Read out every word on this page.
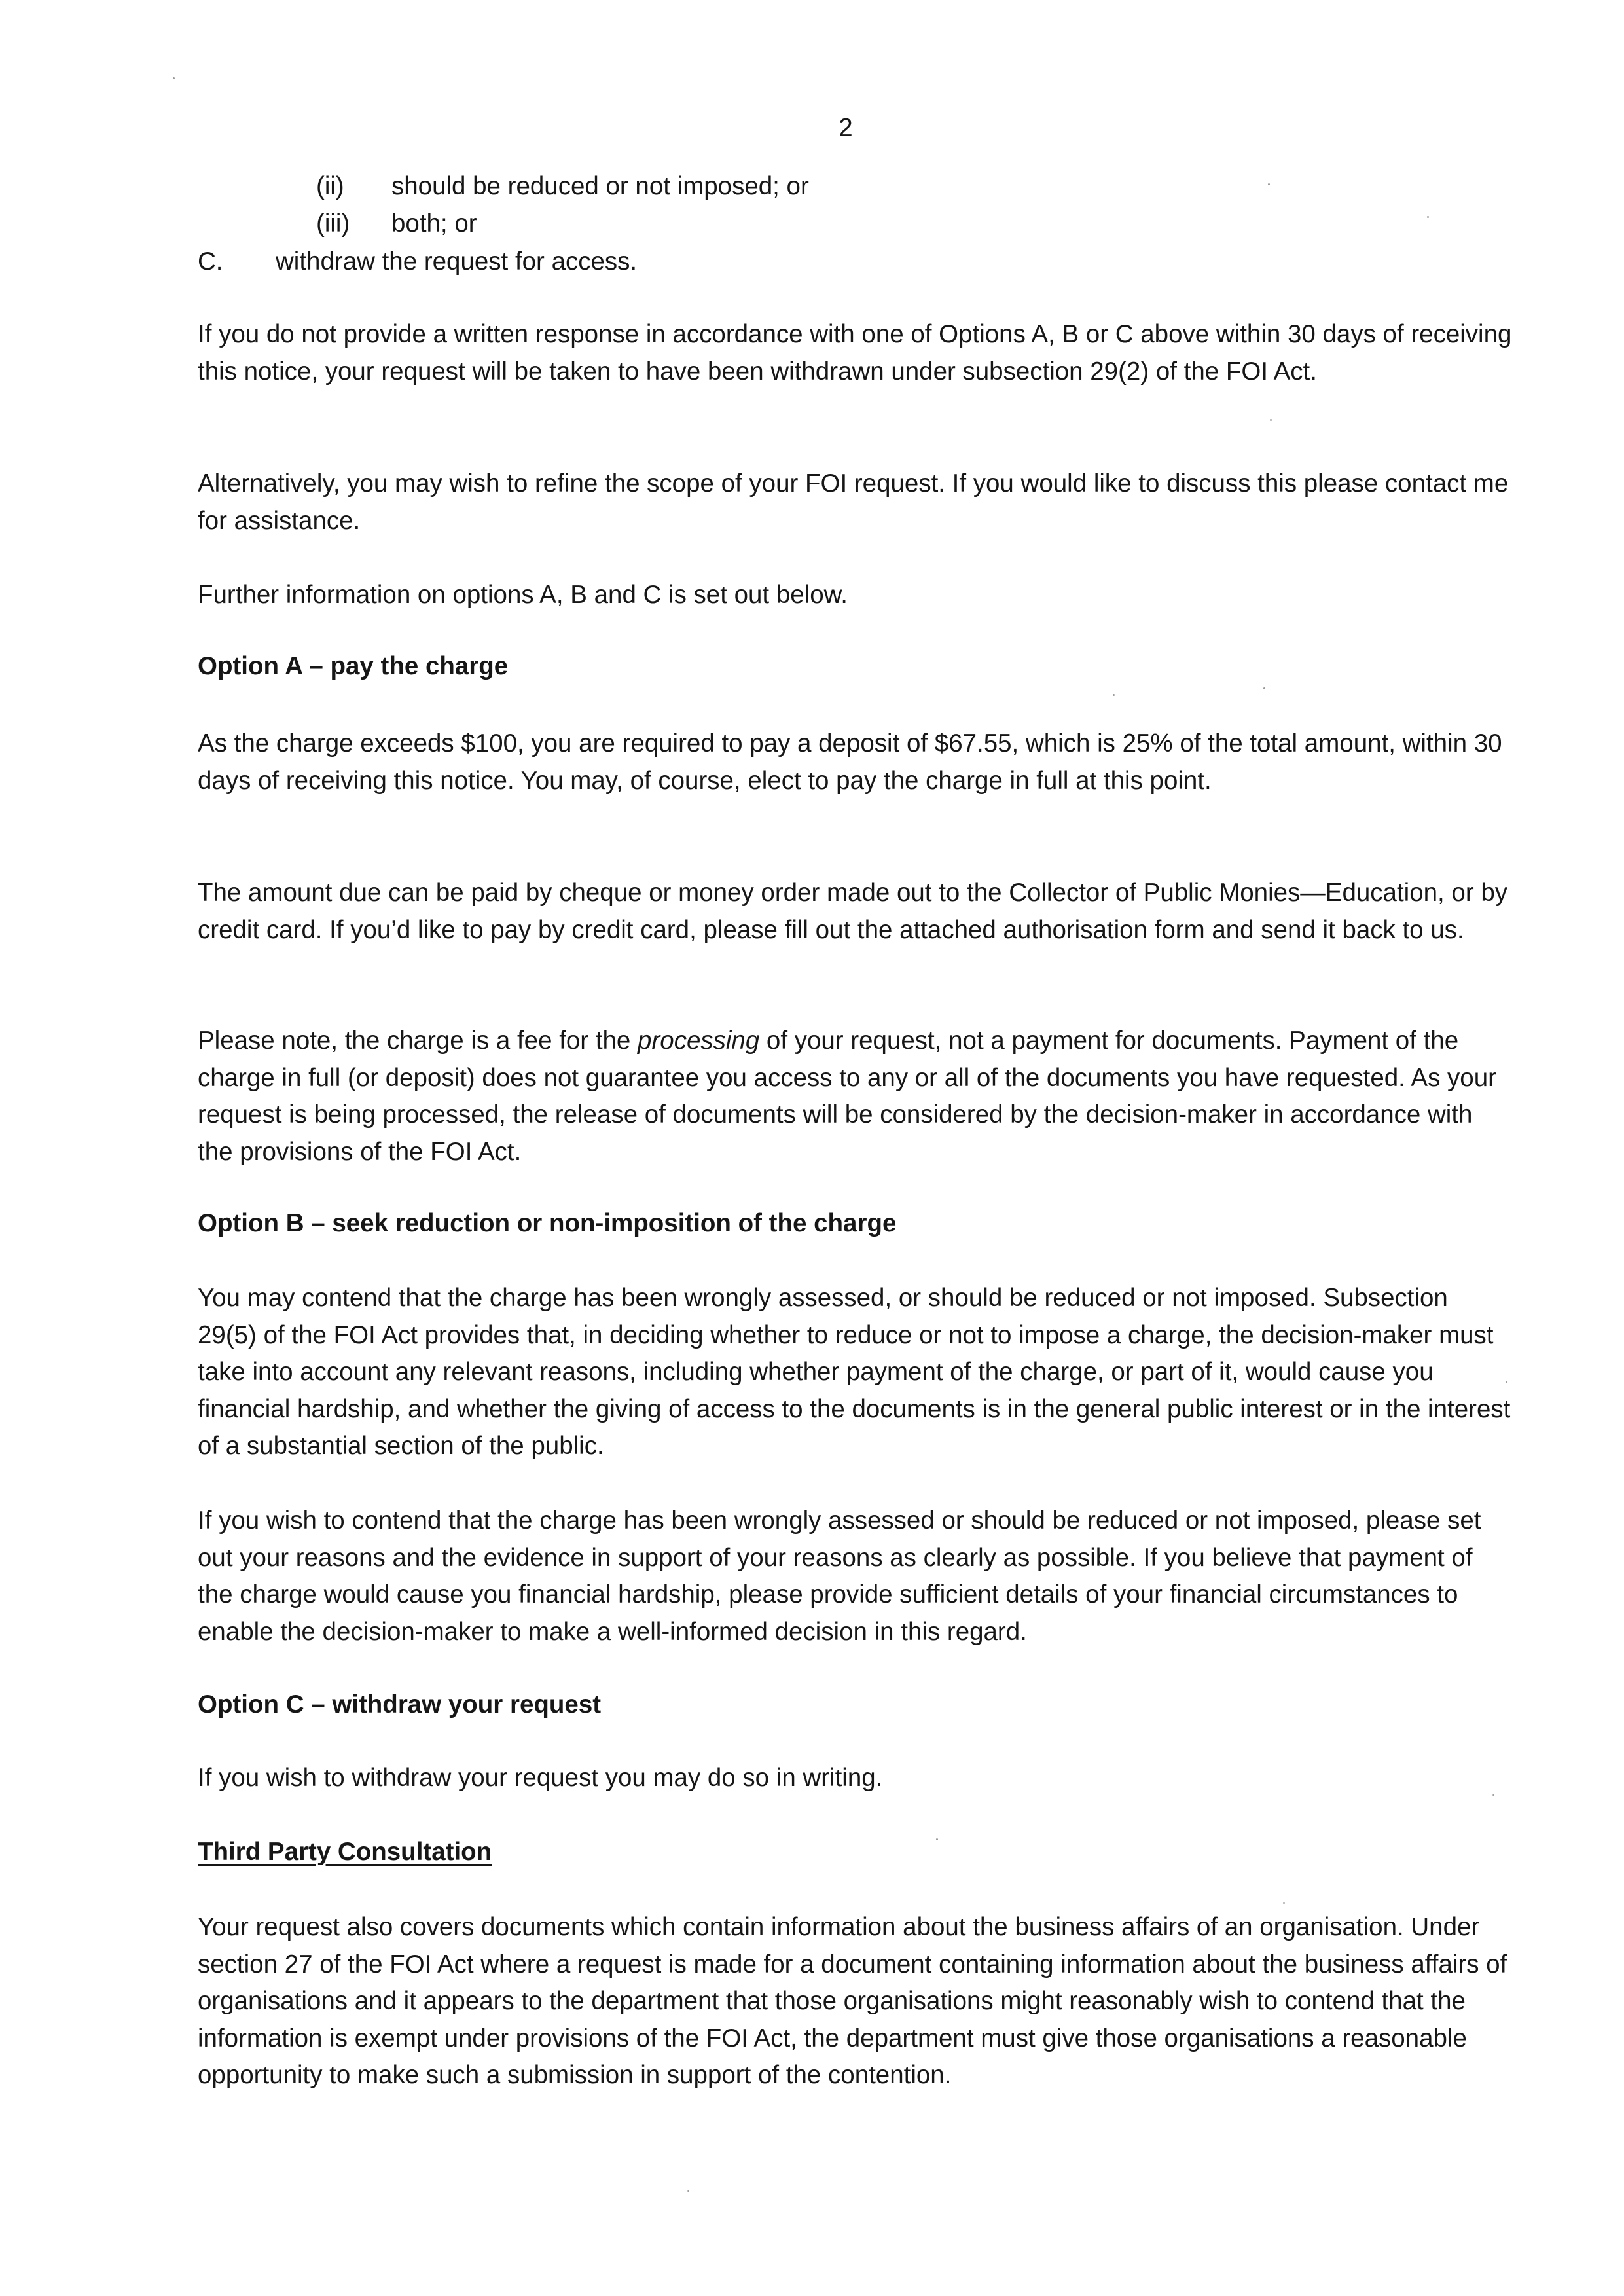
2
(ii) should be reduced or not imposed; or
(iii) both; or
C. withdraw the request for access.

If you do not provide a written response in accordance with one of Options A, B or C above within 30 days of receiving this notice, your request will be taken to have been withdrawn under subsection 29(2) of the FOI Act.

Alternatively, you may wish to refine the scope of your FOI request. If you would like to discuss this please contact me for assistance.

Further information on options A, B and C is set out below.

Option A – pay the charge

As the charge exceeds $100, you are required to pay a deposit of $67.55, which is 25% of the total amount, within 30 days of receiving this notice. You may, of course, elect to pay the charge in full at this point.

The amount due can be paid by cheque or money order made out to the Collector of Public Monies—Education, or by credit card. If you’d like to pay by credit card, please fill out the attached authorisation form and send it back to us.

Please note, the charge is a fee for the processing of your request, not a payment for documents. Payment of the charge in full (or deposit) does not guarantee you access to any or all of the documents you have requested. As your request is being processed, the release of documents will be considered by the decision-maker in accordance with the provisions of the FOI Act.

Option B – seek reduction or non-imposition of the charge

You may contend that the charge has been wrongly assessed, or should be reduced or not imposed. Subsection 29(5) of the FOI Act provides that, in deciding whether to reduce or not to impose a charge, the decision-maker must take into account any relevant reasons, including whether payment of the charge, or part of it, would cause you financial hardship, and whether the giving of access to the documents is in the general public interest or in the interest of a substantial section of the public.

If you wish to contend that the charge has been wrongly assessed or should be reduced or not imposed, please set out your reasons and the evidence in support of your reasons as clearly as possible. If you believe that payment of the charge would cause you financial hardship, please provide sufficient details of your financial circumstances to enable the decision-maker to make a well-informed decision in this regard.

Option C – withdraw your request

If you wish to withdraw your request you may do so in writing.

Third Party Consultation

Your request also covers documents which contain information about the business affairs of an organisation. Under section 27 of the FOI Act where a request is made for a document containing information about the business affairs of organisations and it appears to the department that those organisations might reasonably wish to contend that the information is exempt under provisions of the FOI Act, the department must give those organisations a reasonable opportunity to make such a submission in support of the contention.
